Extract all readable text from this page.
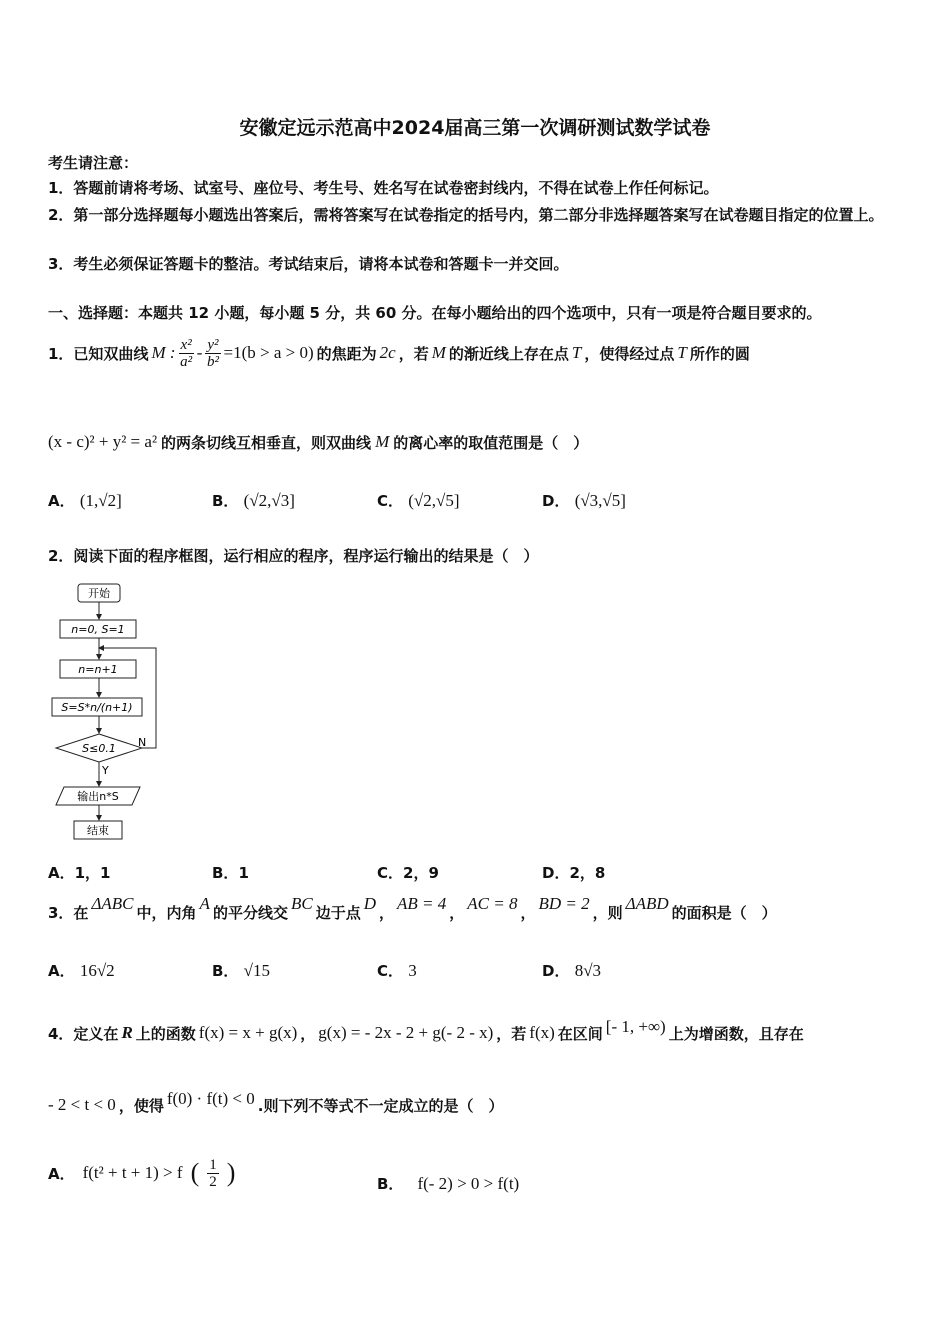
安徽定远示范高中2024届高三第一次调研测试数学试卷
考生请注意：
1．答题前请将考场、试室号、座位号、考生号、姓名写在试卷密封线内，不得在试卷上作任何标记。
2．第一部分选择题每小题选出答案后，需将答案写在试卷指定的括号内，第二部分非选择题答案写在试卷题目指定的位置上。
3．考生必须保证答题卡的整洁。考试结束后，请将本试卷和答题卡一并交回。
一、选择题：本题共 12 小题，每小题 5 分，共 60 分。在每小题给出的四个选项中，只有一项是符合题目要求的。
1．已知双曲线 M : $\frac{\text{x²}}{\text{a²}} - \frac{\text{y²}}{\text{b²}} =1(b > a > 0)$ 的焦距为 2c ，若 M 的渐近线上存在点 T ，使得经过点 T 所作的圆
(x - c)² + y² = a² 的两条切线互相垂直，则双曲线 M 的离心率的取值范围是（　）
A． (1,√2]	B． (√2,√3]	C． (√2,√5]	D． (√3,√5]
2．阅读下面的程序框图，运行相应的程序，程序运行输出的结果是（　）
开始
n=0, S=1
n=n+1
S=S*n/(n+1)
S≤0.1 N
Y
输出n*S
结束
A．1，1	B．1	C．2，9	D．2，8
3．在 ΔABC 中，内角 A 的平分线交 BC 边于点 D ， AB = 4 ， AC = 8 ， BD = 2 ，则 ΔABD 的面积是（　）
A． 16√2	B． √15	C． 3	D． 8√3
4．定义在 R 上的函数 f(x) = x + g(x) ， g(x) = - 2x - 2 + g(- 2 - x) ，若 f(x) 在区间 [- 1, +∞) 上为增函数，且存在
- 2 < t < 0 ，使得 f(0) · f(t) < 0 .则下列不等式不一定成立的是（　）
A． f(t² + t + 1) > f ( $\frac{1}{2}$ )	B． f(- 2) > 0 > f(t)
